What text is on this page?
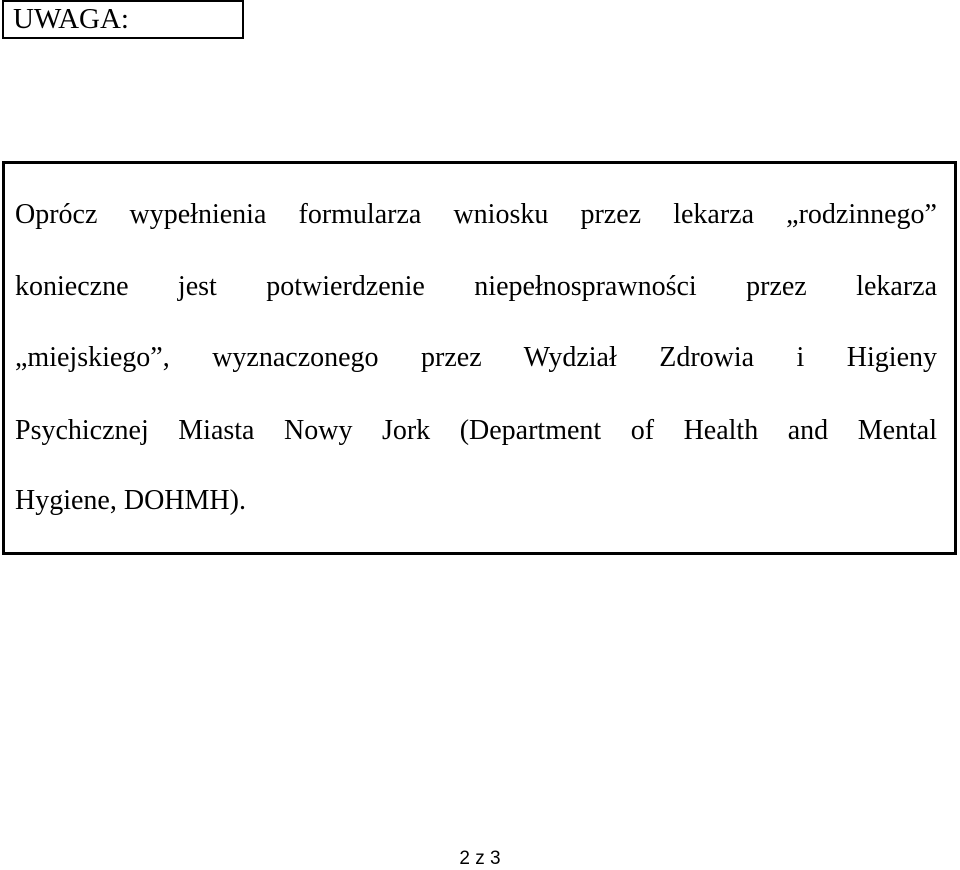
UWAGA:
Oprócz wypełnienia formularza wniosku przez lekarza „rodzinnego”
konieczne jest potwierdzenie niepełnosprawności przez lekarza
„miejskiego”, wyznaczonego przez Wydział Zdrowia i Higieny
Psychicznej Miasta Nowy Jork (Department of Health and Mental
Hygiene, DOHMH).
2 z 3
